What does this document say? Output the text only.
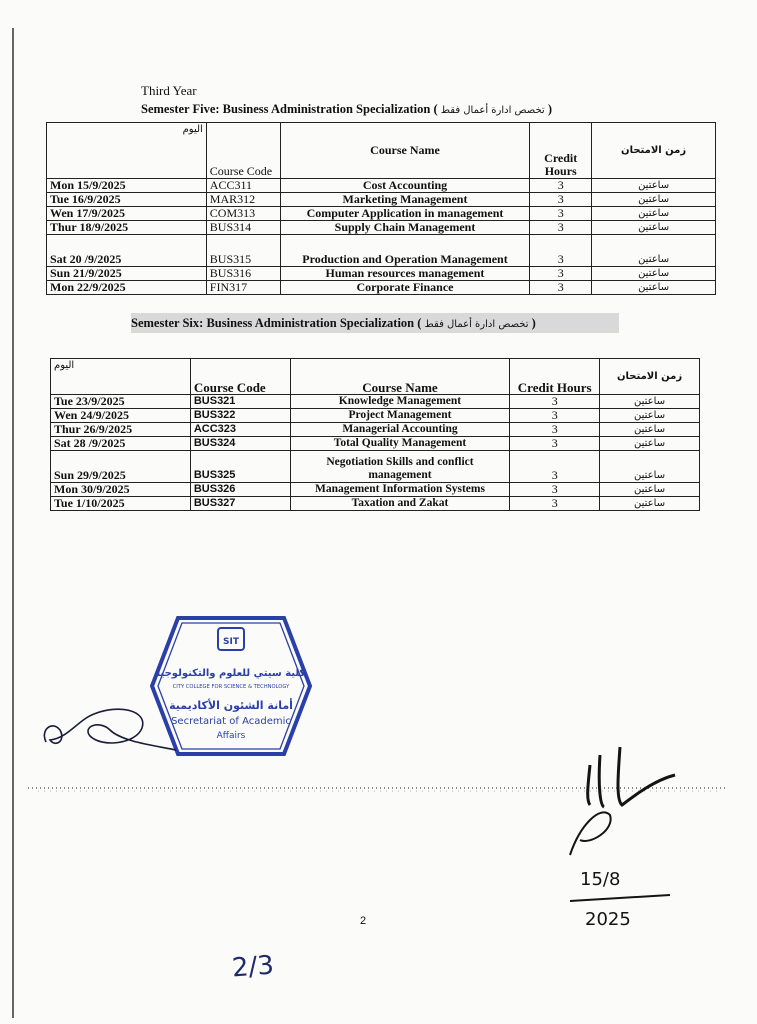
Third Year
Semester Five: Business Administration Specialization ( تخصص ادارة أعمال فقط )
اليوم	Course Code	Course Name	Credit Hours	زمن الامتحان
Mon 15/9/2025	ACC311	Cost Accounting	3	ساعتين
Tue 16/9/2025	MAR312	Marketing Management	3	ساعتين
Wen 17/9/2025	COM313	Computer Application in management	3	ساعتين
Thur 18/9/2025	BUS314	Supply Chain Management	3	ساعتين
Sat 20 /9/2025	BUS315	Production and Operation Management	3	ساعتين
Sun 21/9/2025	BUS316	Human resources management	3	ساعتين
Mon 22/9/2025	FIN317	Corporate Finance	3	ساعتين
Semester Six: Business Administration Specialization ( تخصص ادارة أعمال فقط )
اليوم	Course Code	Course Name	Credit Hours	زمن الامتحان
Tue 23/9/2025	BUS321	Knowledge Management	3	ساعتين
Wen 24/9/2025	BUS322	Project Management	3	ساعتين
Thur 26/9/2025	ACC323	Managerial Accounting	3	ساعتين
Sat 28 /9/2025	BUS324	Total Quality Management	3	ساعتين
Sun 29/9/2025	BUS325	Negotiation Skills and conflict management	3	ساعتين
Mon 30/9/2025	BUS326	Management Information Systems	3	ساعتين
Tue 1/10/2025	BUS327	Taxation and Zakat	3	ساعتين
SIT
كلية سيتي للعلوم والتكنولوجيا
CITY COLLEGE FOR SCIENCE & TECHNOLOGY
أمانة الشئون الأكاديمية
Secretariat of Academic
Affairs
15/8
2025
2
2/3
